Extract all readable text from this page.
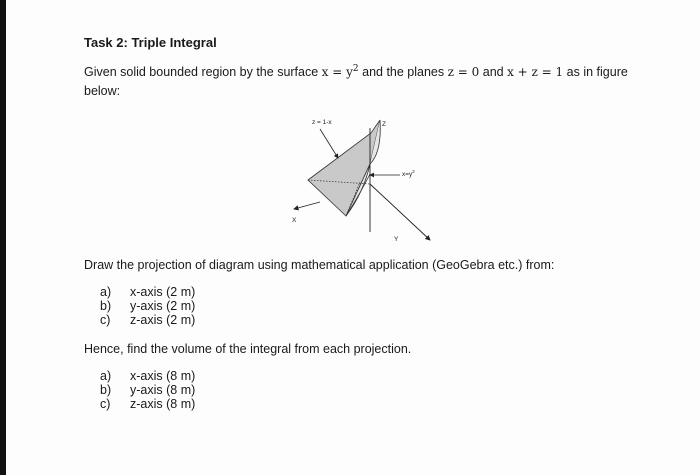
Task 2: Triple Integral
Given solid bounded region by the surface $x = y^2$ and the planes z = 0 and x + z = 1 as in figure below:
z = 1-x	Z
$x=y^2$
X
Y
Draw the projection of diagram using mathematical application (GeoGebra etc.) from:
a)	x-axis (2 m)
b)	y-axis (2 m)
c)	z-axis (2 m)
Hence, find the volume of the integral from each projection.
a)	x-axis (8 m)
b)	y-axis (8 m)
c)	z-axis (8 m)
